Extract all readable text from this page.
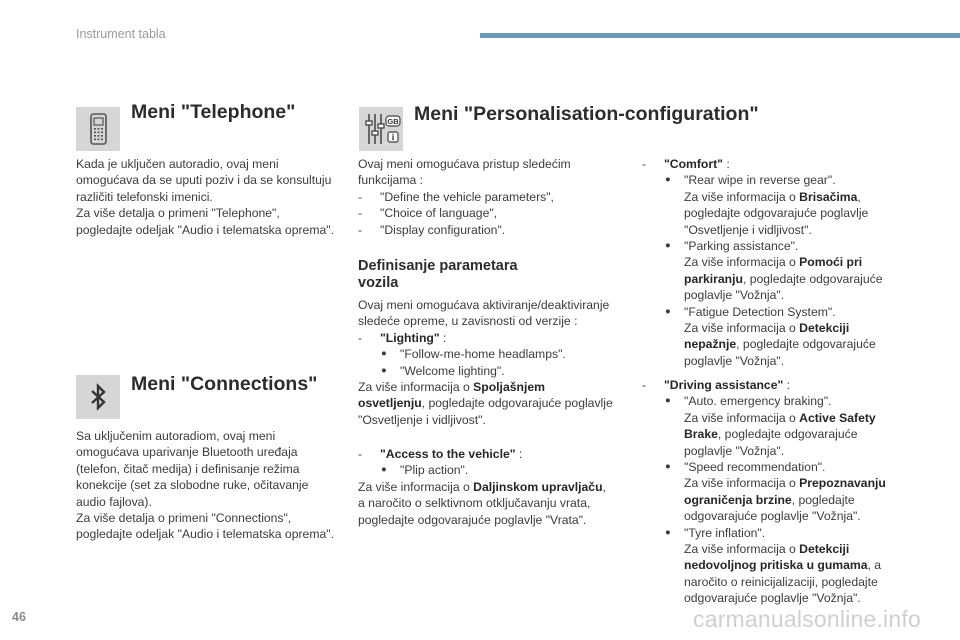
Instrument tabla
Meni "Telephone"

Kada je uključen autoradio, ovaj meni

omogućava da se uputi poziv i da se konsultuju

različiti telefonski imenici.

Za više detalja o primeni "Telephone",

pogledajte odeljak "Audio i telematska oprema".

Meni "Connections"

Sa uključenim autoradiom, ovaj meni

omogućava uparivanje Bluetooth uređaja

(telefon, čitač medija) i definisanje režima

konekcije (set za slobodne ruke, očitavanje

audio fajlova).

Za više detalja o primeni "Connections",

pogledajte odeljak "Audio i telematska oprema".

GB
i
Meni "Personalisation-configuration"

Ovaj meni omogućava pristup sledećim

funkcijama :

- "Define the vehicle parameters",

- "Choice of language",

- "Display configuration".

Definisanje parametara
vozila

Ovaj meni omogućava aktiviranje/deaktiviranje

sledeće opreme, u zavisnosti od verzije :

- "Lighting" :

● "Follow-me-home headlamps".

● "Welcome lighting".

Za više informacija o Spoljašnjem

osvetljenju, pogledajte odgovarajuće poglavlje

"Osvetljenje i vidljivost".

- "Access to the vehicle" :

● "Plip action".

Za više informacija o Daljinskom upravljaču,

a naročito o selktivnom otključavanju vrata,

pogledajte odgovarajuće poglavlje "Vrata".

- "Comfort" :

● "Rear wipe in reverse gear".

Za više informacija o Brisačima,

pogledajte odgovarajuće poglavlje

"Osvetljenje i vidljivost".

● "Parking assistance".

Za više informacija o Pomoći pri

parkiranju, pogledajte odgovarajuće

poglavlje "Vožnja".

● "Fatigue Detection System".

Za više informacija o Detekciji

nepažnje, pogledajte odgovarajuće

poglavlje "Vožnja".

- "Driving assistance" :

● "Auto. emergency braking".

Za više informacija o Active Safety

Brake, pogledajte odgovarajuće

poglavlje "Vožnja".

● "Speed recommendation".

Za više informacija o Prepoznavanju

ograničenja brzine, pogledajte

odgovarajuće poglavlje "Vožnja".

● "Tyre inflation".

Za više informacija o Detekciji

nedovoljnog pritiska u gumama, a

naročito o reinicijalizaciji, pogledajte

odgovarajuće poglavlje "Vožnja".

46	carmanualsonline.info
